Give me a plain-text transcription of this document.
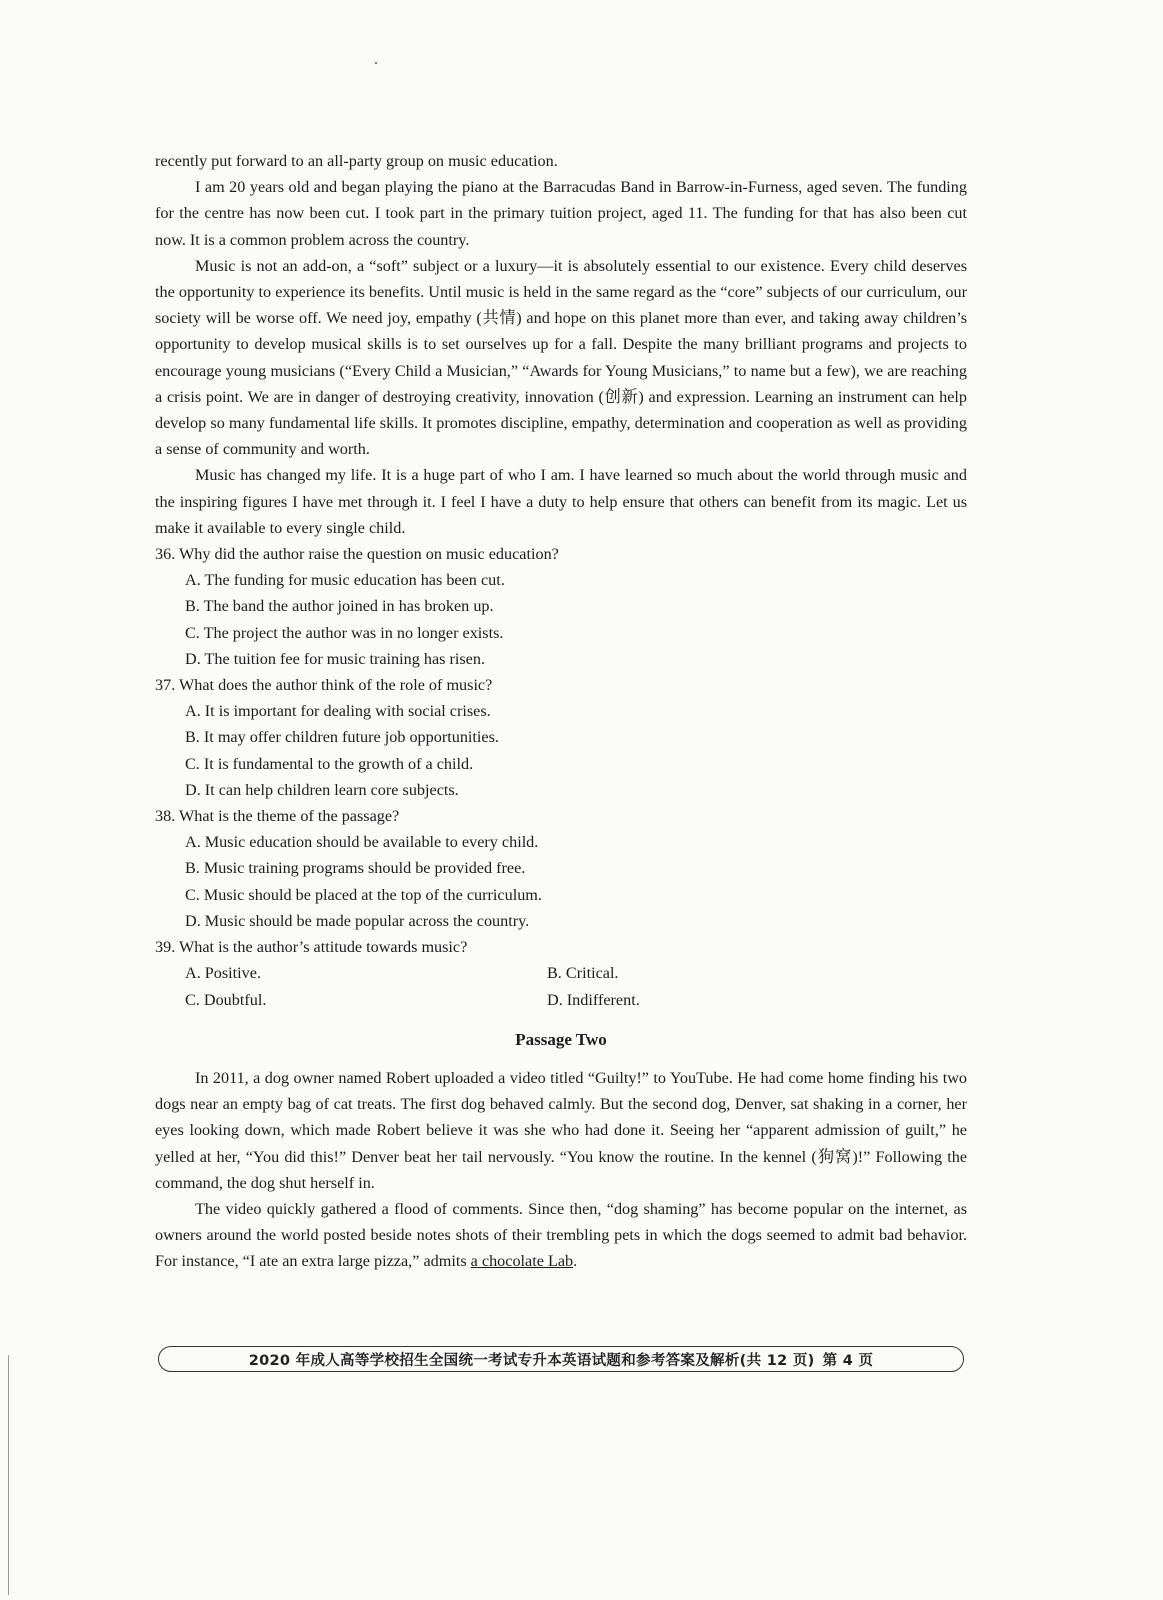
recently put forward to an all-party group on music education.

I am 20 years old and began playing the piano at the Barracudas Band in Barrow-in-Furness, aged seven. The funding for the centre has now been cut. I took part in the primary tuition project, aged 11. The funding for that has also been cut now. It is a common problem across the country.

Music is not an add-on, a “soft” subject or a luxury—it is absolutely essential to our existence. Every child deserves the opportunity to experience its benefits. Until music is held in the same regard as the “core” subjects of our curriculum, our society will be worse off. We need joy, empathy (共情) and hope on this planet more than ever, and taking away children’s opportunity to develop musical skills is to set ourselves up for a fall. Despite the many brilliant programs and projects to encourage young musicians (“Every Child a Musician,” “Awards for Young Musicians,” to name but a few), we are reaching a crisis point. We are in danger of destroying creativity, innovation (创新) and expression. Learning an instrument can help develop so many fundamental life skills. It promotes discipline, empathy, determination and cooperation as well as providing a sense of community and worth.

Music has changed my life. It is a huge part of who I am. I have learned so much about the world through music and the inspiring figures I have met through it. I feel I have a duty to help ensure that others can benefit from its magic. Let us make it available to every single child.

36. Why did the author raise the question on music education?

A. The funding for music education has been cut.

B. The band the author joined in has broken up.

C. The project the author was in no longer exists.

D. The tuition fee for music training has risen.

37. What does the author think of the role of music?

A. It is important for dealing with social crises.

B. It may offer children future job opportunities.

C. It is fundamental to the growth of a child.

D. It can help children learn core subjects.

38. What is the theme of the passage?

A. Music education should be available to every child.

B. Music training programs should be provided free.

C. Music should be placed at the top of the curriculum.

D. Music should be made popular across the country.

39. What is the author’s attitude towards music?

A. Positive.	B. Critical.
C. Doubtful.	D. Indifferent.
Passage Two

In 2011, a dog owner named Robert uploaded a video titled “Guilty!” to YouTube. He had come home finding his two dogs near an empty bag of cat treats. The first dog behaved calmly. But the second dog, Denver, sat shaking in a corner, her eyes looking down, which made Robert believe it was she who had done it. Seeing her “apparent admission of guilt,” he yelled at her, “You did this!” Denver beat her tail nervously. “You know the routine. In the kennel (狗窝)!” Following the command, the dog shut herself in.

The video quickly gathered a flood of comments. Since then, “dog shaming” has become popular on the internet, as owners around the world posted beside notes shots of their trembling pets in which the dogs seemed to admit bad behavior. For instance, “I ate an extra large pizza,” admits a chocolate Lab.

2020 年成人高等学校招生全国统一考试专升本英语试题和参考答案及解析(共 12 页) 第 4 页
